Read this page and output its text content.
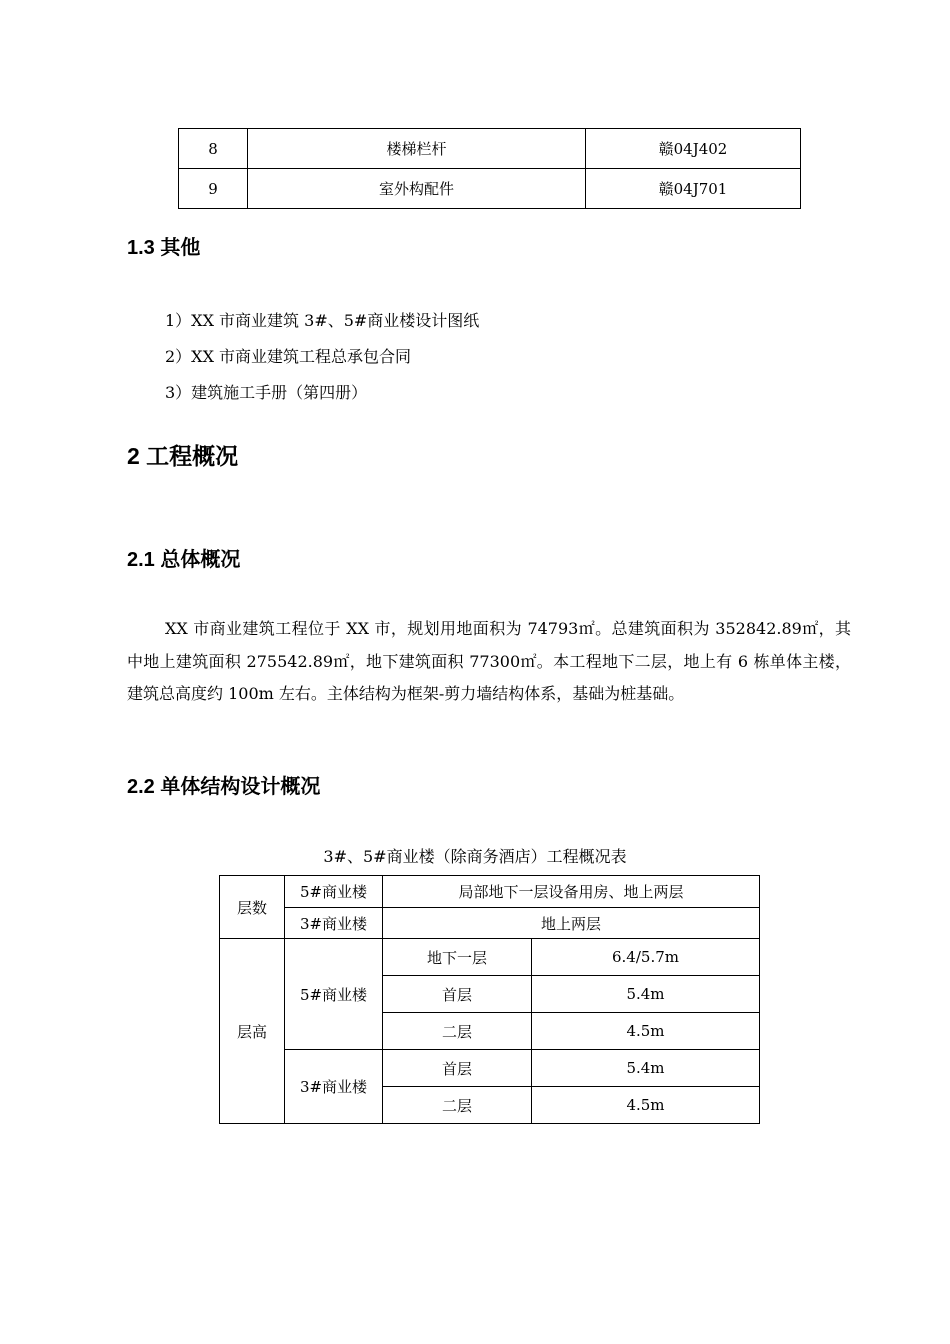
8	楼梯栏杆	赣04J402
9	室外构配件	赣04J701
1.3 其他
1）XX 市商业建筑 3#、5#商业楼设计图纸
2）XX 市商业建筑工程总承包合同
3）建筑施工手册（第四册）
2 工程概况
2.1 总体概况

XX 市商业建筑工程位于 XX 市，规划用地面积为 74793㎡。总建筑面积为 352842.89㎡，其中地上建筑面积 275542.89㎡，地下建筑面积 77300㎡。本工程地下二层，地上有 6 栋单体主楼，建筑总高度约 100m 左右。主体结构为框架-剪力墙结构体系，基础为桩基础。

2.2 单体结构设计概况
3#、5#商业楼（除商务酒店）工程概况表
层数	5#商业楼	局部地下一层设备用房、地上两层	
	3#商业楼	地上两层	
层高	5#商业楼	地下一层	6.4/5.7m
		首层	5.4m
		二层	4.5m
	3#商业楼	首层	5.4m
		二层	4.5m
